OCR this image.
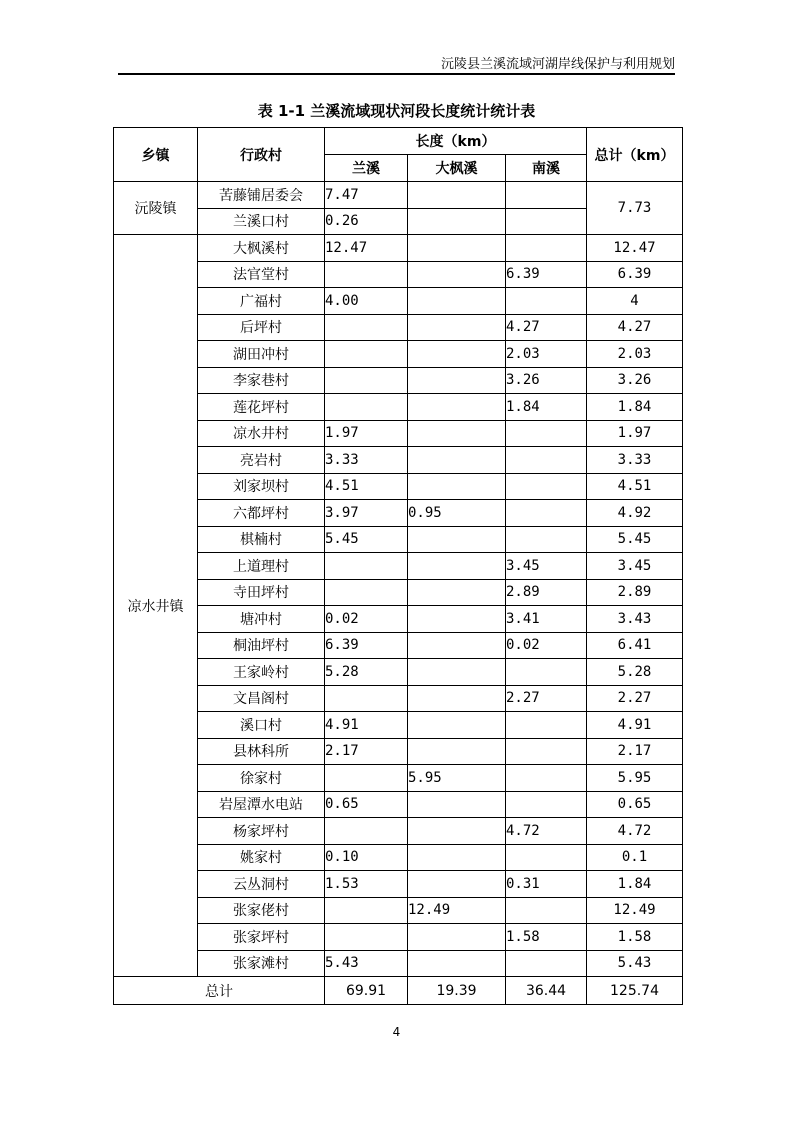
沅陵县兰溪流域河湖岸线保护与利用规划
表 1-1 兰溪流域现状河段长度统计统计表
乡镇	行政村	长度（km）			总计（km）
		兰溪	大枫溪	南溪	
沅陵镇	苦藤铺居委会	7.47			7.73
	兰溪口村	0.26			
凉水井镇	大枫溪村	12.47			12.47
	法官堂村			6.39	6.39
	广福村	4.00			4
	后坪村			4.27	4.27
	湖田冲村			2.03	2.03
	李家巷村			3.26	3.26
	莲花坪村			1.84	1.84
	凉水井村	1.97			1.97
	亮岩村	3.33			3.33
	刘家坝村	4.51			4.51
	六都坪村	3.97	0.95		4.92
	棋楠村	5.45			5.45
	上道理村			3.45	3.45
	寺田坪村			2.89	2.89
	塘冲村	0.02		3.41	3.43
	桐油坪村	6.39		0.02	6.41
	王家岭村	5.28			5.28
	文昌阁村			2.27	2.27
	溪口村	4.91			4.91
	县林科所	2.17			2.17
	徐家村		5.95		5.95
	岩屋潭水电站	0.65			0.65
	杨家坪村			4.72	4.72
	姚家村	0.10			0.1
	云丛洞村	1.53		0.31	1.84
	张家佬村		12.49		12.49
	张家坪村			1.58	1.58
	张家滩村	5.43			5.43
总计		69.91	19.39	36.44	125.74
4
